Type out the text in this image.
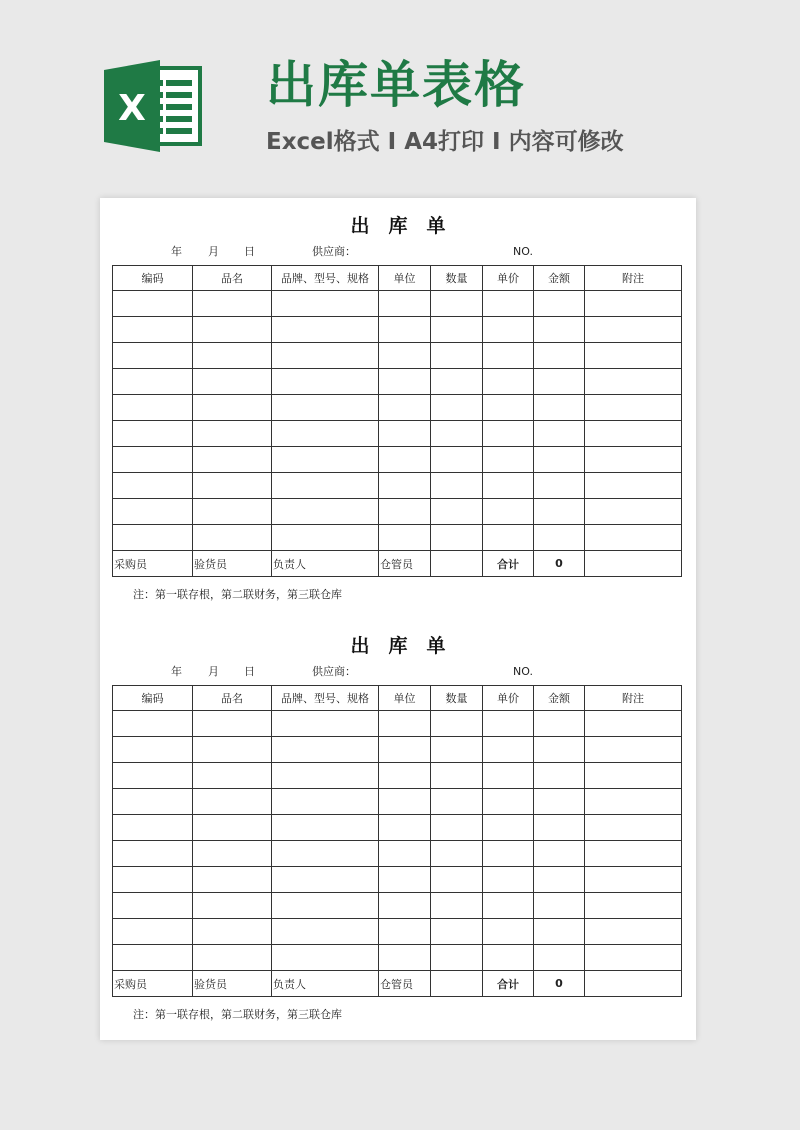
X 出库单表格
Excel格式 I A4打印 I 内容可修改
出　库　单
年 月 日	供应商：	NO.
编码	品名	品牌、型号、规格	单位	数量	单价	金额	附注

采购员	验货员	负责人	仓管员		合计	0	
注：第一联存根，第二联财务，第三联仓库
出　库　单
年 月 日	供应商：	NO.
编码	品名	品牌、型号、规格	单位	数量	单价	金额	附注

采购员	验货员	负责人	仓管员		合计	0	
注：第一联存根，第二联财务，第三联仓库
